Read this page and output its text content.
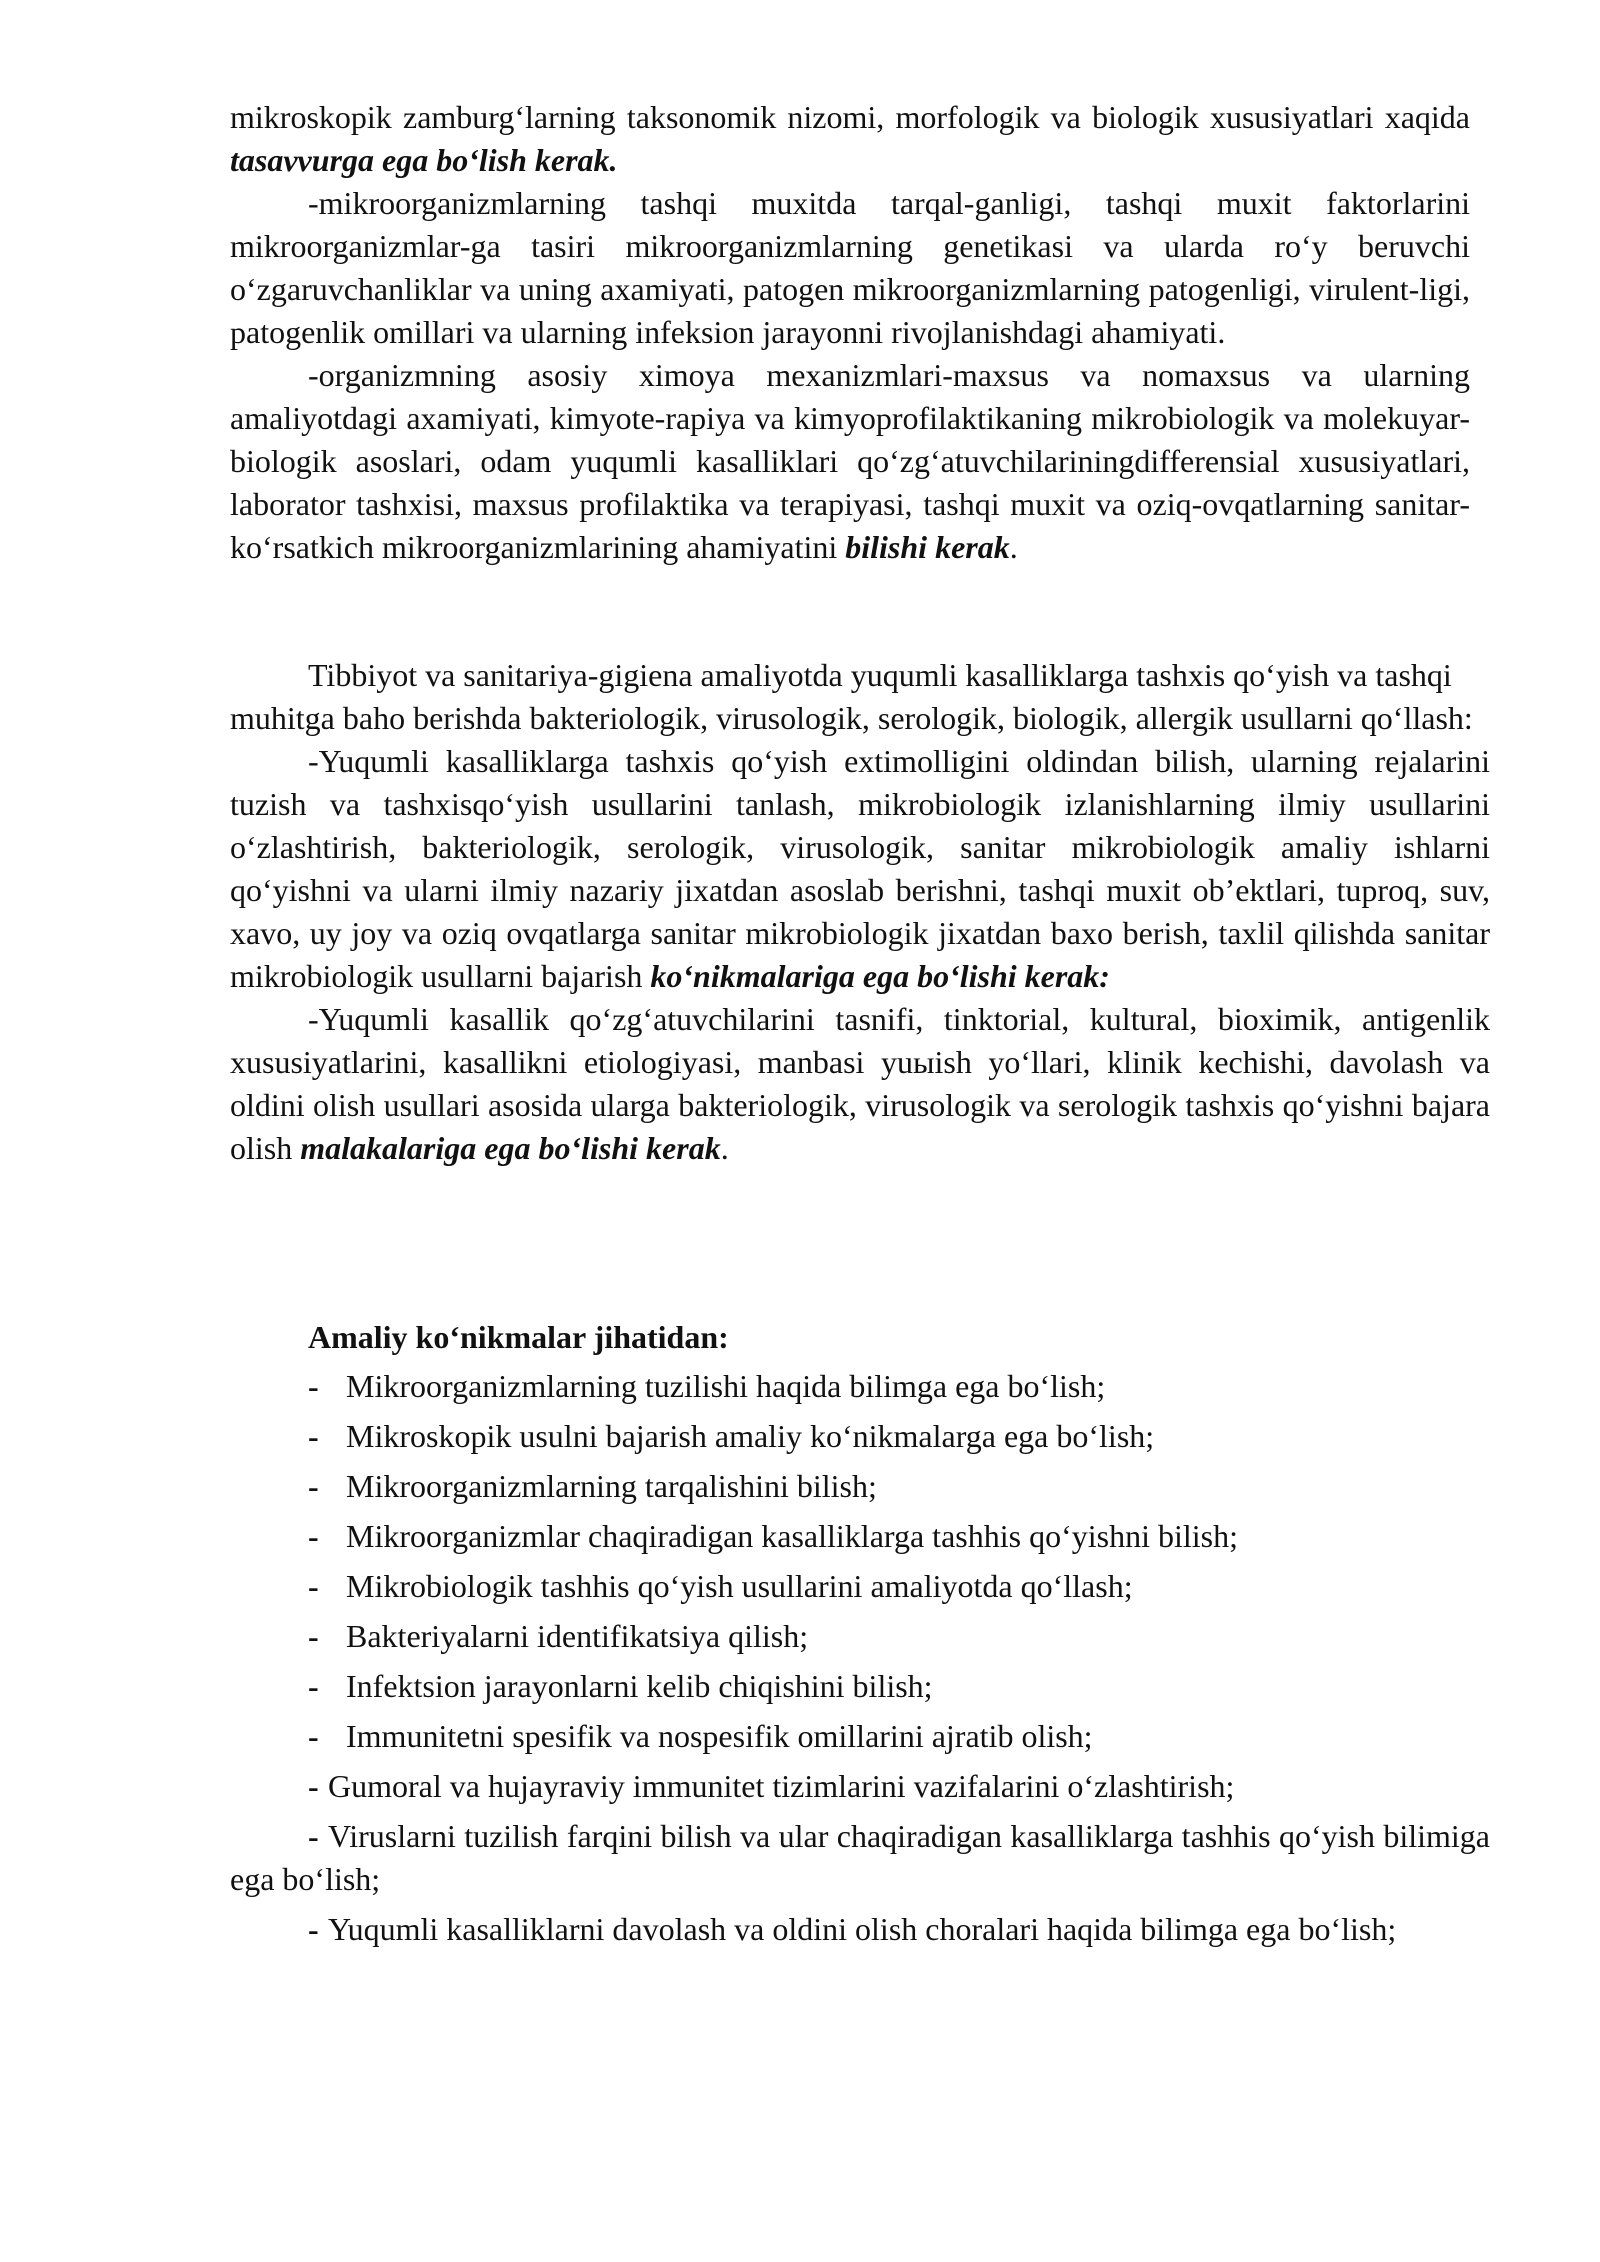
mikroskopik zamburg‘larning taksonomik nizomi, morfologik va biologik xususiyatlari xaqida tasavvurga ega bo‘lish kerak.

-mikroorganizmlarning tashqi muxitda tarqal-ganligi, tashqi muxit faktorlarini mikroorganizmlar-ga tasiri mikroorganizmlarning genetikasi va ularda ro‘y beruvchi o‘zgaruvchanliklar va uning axamiyati, patogen mikroorganizmlarning patogenligi, virulent-ligi, patogenlik omillari va ularning infeksion jarayonni rivojlanishdagi ahamiyati.

-organizmning asosiy ximoya mexanizmlari-maxsus va nomaxsus va ularning amaliyotdagi axamiyati, kimyote-rapiya va kimyoprofilaktikaning mikrobiologik va molekuyar-biologik asoslari, odam yuqumli kasalliklari qo‘zg‘atuvchilariningdifferensial xususiyatlari, laborator tashxisi, maxsus profilaktika va terapiyasi, tashqi muxit va oziq-ovqatlarning sanitar-ko‘rsatkich mikroorganizmlarining ahamiyatini bilishi kerak.

Tibbiyot va sanitariya-gigiena amaliyotda yuqumli kasalliklarga tashxis qo‘yish va tashqi muhitga baho berishda bakteriologik, virusologik, serologik, biologik, allergik usullarni qo‘llash:

-Yuqumli kasalliklarga tashxis qo‘yish extimolligini oldindan bilish, ularning rejalarini tuzish va tashxisqo‘yish usullarini tanlash, mikrobiologik izlanishlarning ilmiy usullarini o‘zlashtirish, bakteriologik, serologik, virusologik, sanitar mikrobiologik amaliy ishlarni qo‘yishni va ularni ilmiy nazariy jixatdan asoslab berishni, tashqi muxit ob’ektlari, tuproq, suv, xavo, uy joy va oziq ovqatlarga sanitar mikrobiologik jixatdan baxo berish, taxlil qilishda sanitar mikrobiologik usullarni bajarish ko‘nikmalariga ega bo‘lishi kerak:

-Yuqumli kasallik qo‘zg‘atuvchilarini tasnifi, tinktorial, kultural, bioximik, antigenlik xususiyatlarini, kasallikni etiologiyasi, manbasi yuыish yo‘llari, klinik kechishi, davolash va oldini olish usullari asosida ularga bakteriologik, virusologik va serologik tashxis qo‘yishni bajara olish malakalariga ega bo‘lishi kerak.

Amaliy ko‘nikmalar jihatidan:
- Mikroorganizmlarning tuzilishi haqida bilimga ega bo‘lish;
- Mikroskopik usulni bajarish amaliy ko‘nikmalarga ega bo‘lish;
- Mikroorganizmlarning tarqalishini bilish;
- Mikroorganizmlar chaqiradigan kasalliklarga tashhis qo‘yishni bilish;
- Mikrobiologik tashhis qo‘yish usullarini amaliyotda qo‘llash;
- Bakteriyalarni identifikatsiya qilish;
- Infektsion jarayonlarni kelib chiqishini bilish;
- Immunitetni spesifik va nospesifik omillarini ajratib olish;
- Gumoral va hujayraviy immunitet tizimlarini vazifalarini o‘zlashtirish;
- Viruslarni tuzilish farqini bilish va ular chaqiradigan kasalliklarga tashhis qo‘yish bilimiga ega bo‘lish;
- Yuqumli kasalliklarni davolash va oldini olish choralari haqida bilimga ega bo‘lish;
